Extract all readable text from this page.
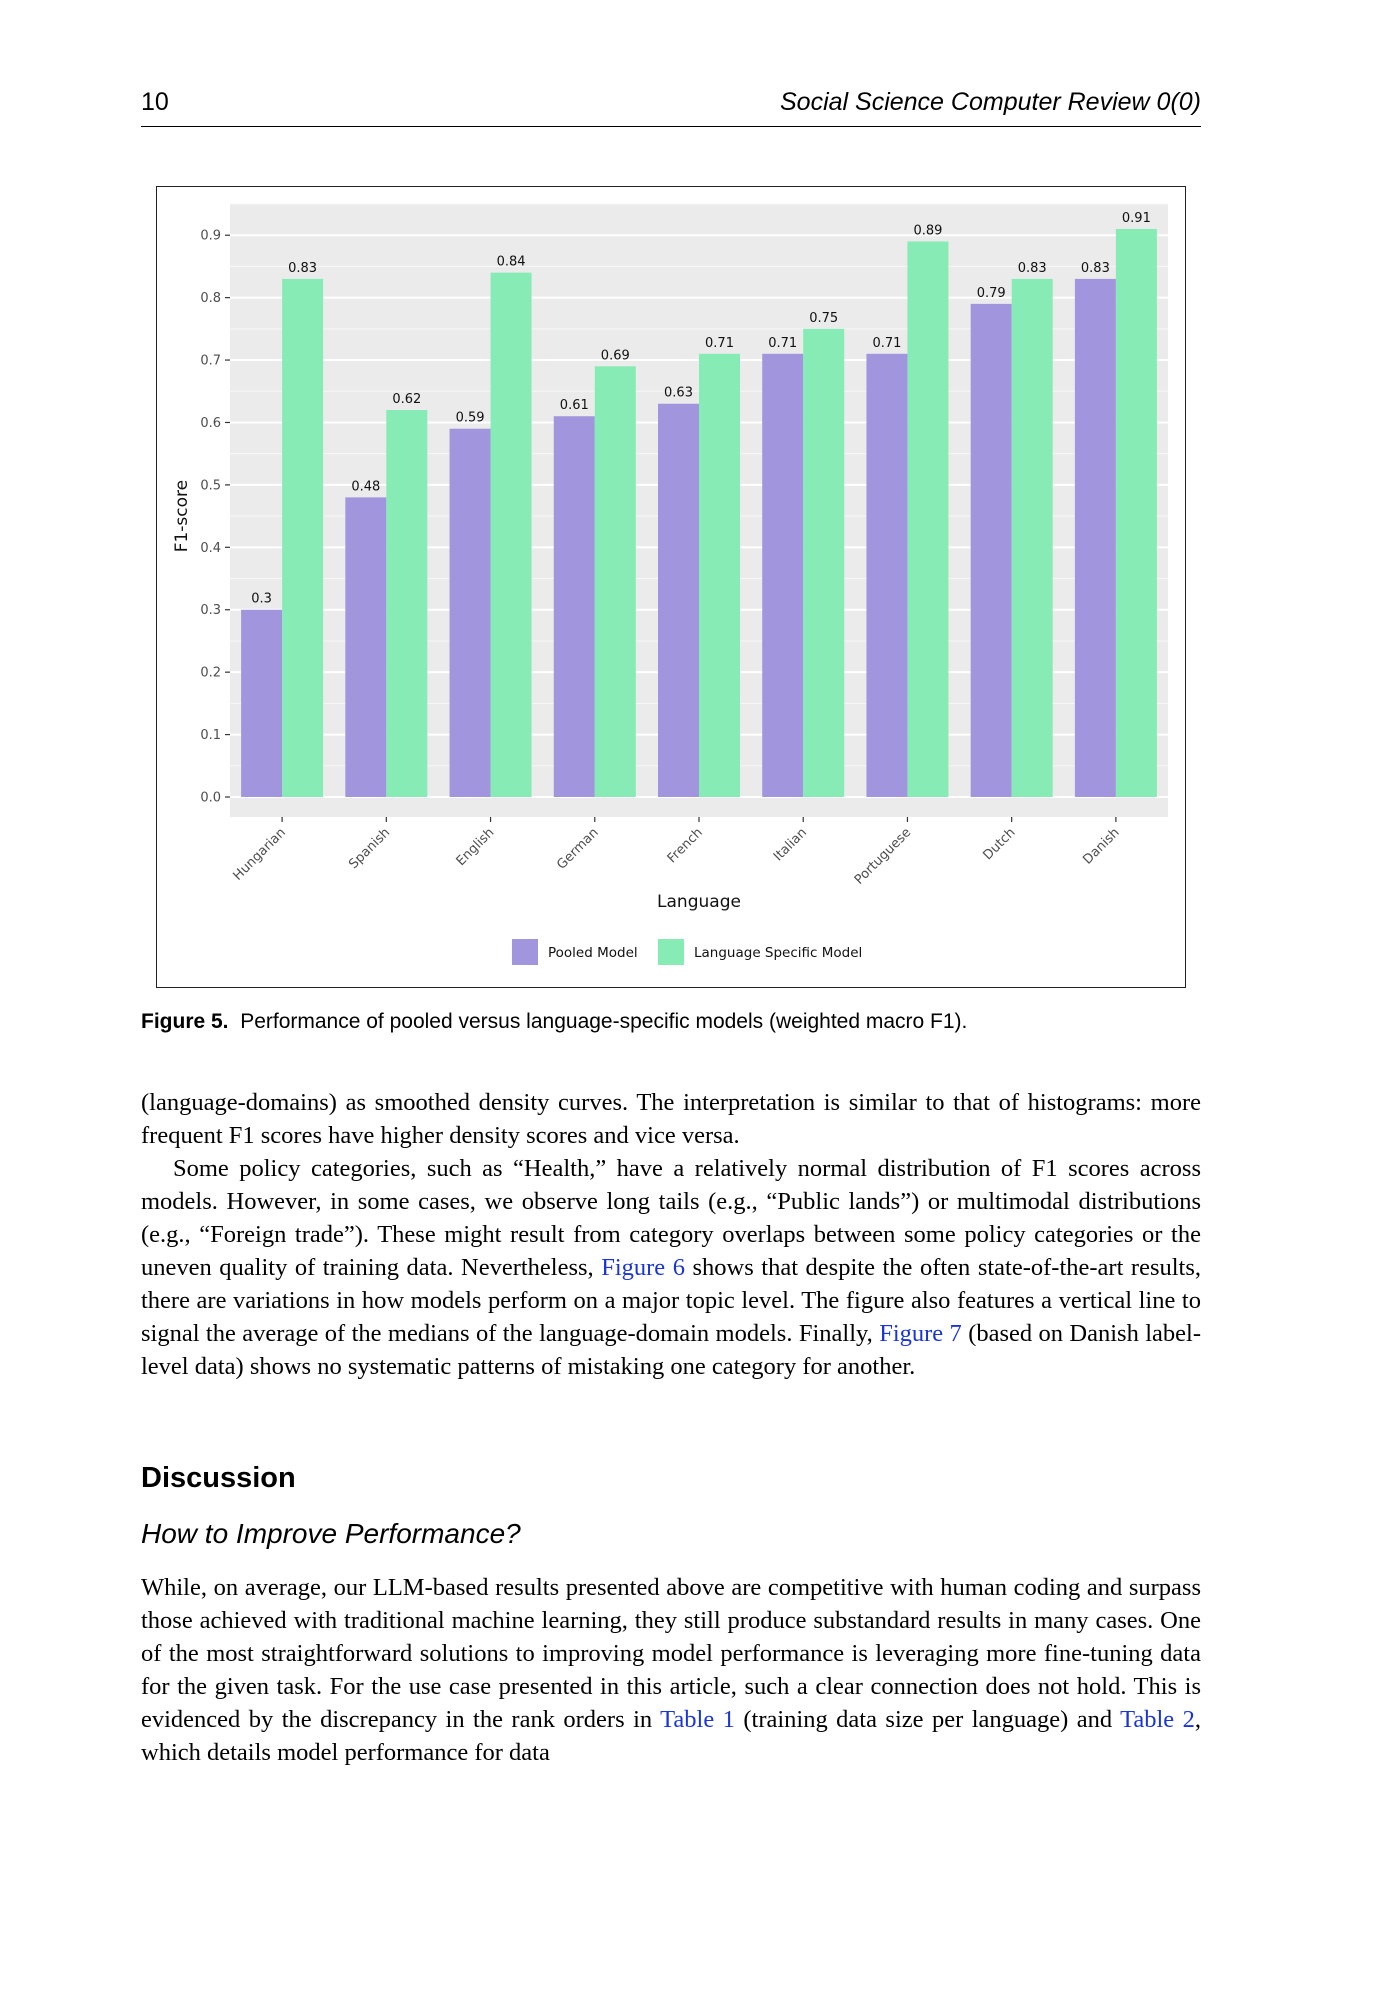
10	Social Science Computer Review 0(0)
0.0
0.1
0.2
0.3
0.4
0.5
0.6
0.7
0.8
0.9
Hungarian
0.3
0.83
Spanish
0.48
0.62
English
0.59
0.84
German
0.61
0.69
French
0.63
0.71
Italian
0.71
0.75
Portuguese
0.71
0.89
Dutch
0.79
0.83
Danish
0.83
0.91
Language
F1-score
Pooled Model	Language Specific Model
Figure 5. Performance of pooled versus language-specific models (weighted macro F1).
(language-domains) as smoothed density curves. The interpretation is similar to that of histograms: more frequent F1 scores have higher density scores and vice versa.
Some policy categories, such as “Health,” have a relatively normal distribution of F1 scores across models. However, in some cases, we observe long tails (e.g., “Public lands”) or multimodal distributions (e.g., “Foreign trade”). These might result from category overlaps between some policy categories or the uneven quality of training data. Nevertheless, Figure 6 shows that despite the often state-of-the-art results, there are variations in how models perform on a major topic level. The figure also features a vertical line to signal the average of the medians of the language-domain models. Finally, Figure 7 (based on Danish label-level data) shows no systematic patterns of mistaking one category for another.
Discussion
How to Improve Performance?
While, on average, our LLM-based results presented above are competitive with human coding and surpass those achieved with traditional machine learning, they still produce substandard results in many cases. One of the most straightforward solutions to improving model performance is leveraging more fine-tuning data for the given task. For the use case presented in this article, such a clear connection does not hold. This is evidenced by the discrepancy in the rank orders in Table 1 (training data size per language) and Table 2, which details model performance for data
